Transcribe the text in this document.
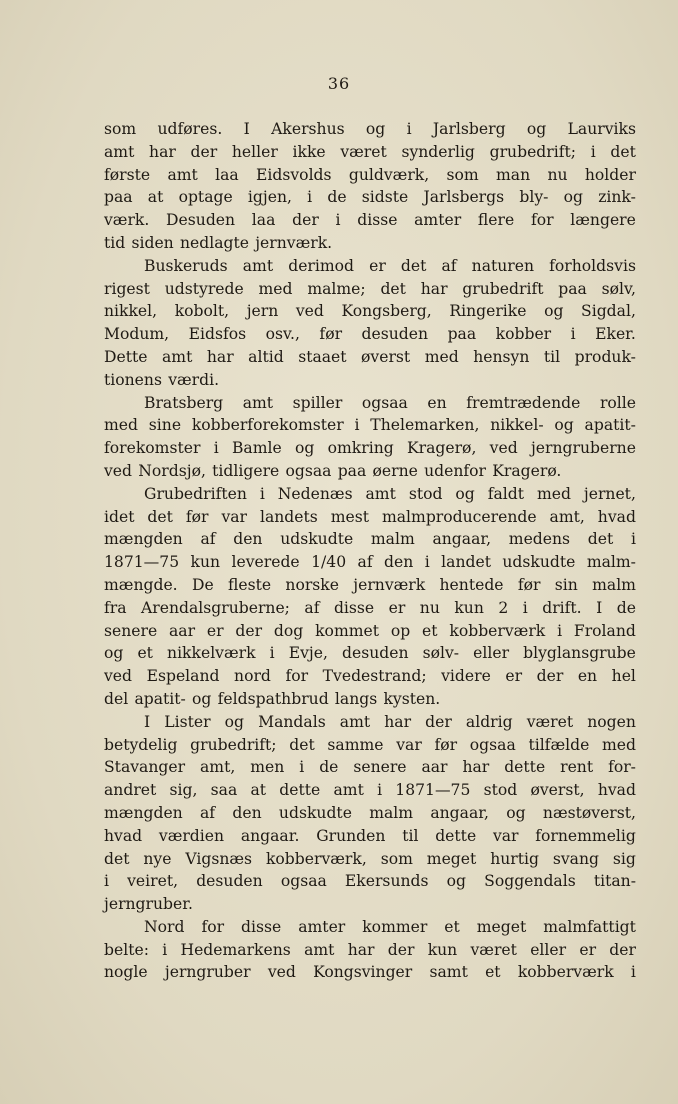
36
som udføres. I Akershus og i Jarlsberg og Laurviks
amt har der heller ikke været synderlig grubedrift; i det
første amt laa Eidsvolds guldværk, som man nu holder
paa at optage igjen, i de sidste Jarlsbergs bly- og zink-
værk. Desuden laa der i disse amter flere for længere
tid siden nedlagte jernværk.
Buskeruds amt derimod er det af naturen forholdsvis
rigest udstyrede med malme; det har grubedrift paa sølv,
nikkel, kobolt, jern ved Kongsberg, Ringerike og Sigdal,
Modum, Eidsfos osv., før desuden paa kobber i Eker.
Dette amt har altid staaet øverst med hensyn til produk-
tionens værdi.
Bratsberg amt spiller ogsaa en fremtrædende rolle
med sine kobberforekomster i Thelemarken, nikkel- og apatit-
forekomster i Bamle og omkring Kragerø, ved jerngruberne
ved Nordsjø, tidligere ogsaa paa øerne udenfor Kragerø.
Grubedriften i Nedenæs amt stod og faldt med jernet,
idet det før var landets mest malmproducerende amt, hvad
mængden af den udskudte malm angaar, medens det i
1871—75 kun leverede 1/40 af den i landet udskudte malm-
mængde. De fleste norske jernværk hentede før sin malm
fra Arendalsgruberne; af disse er nu kun 2 i drift. I de
senere aar er der dog kommet op et kobberværk i Froland
og et nikkelværk i Evje, desuden sølv- eller blyglansgrube
ved Espeland nord for Tvedestrand; videre er der en hel
del apatit- og feldspathbrud langs kysten.
I Lister og Mandals amt har der aldrig været nogen
betydelig grubedrift; det samme var før ogsaa tilfælde med
Stavanger amt, men i de senere aar har dette rent for-
andret sig, saa at dette amt i 1871—75 stod øverst, hvad
mængden af den udskudte malm angaar, og næstøverst,
hvad værdien angaar. Grunden til dette var fornemmelig
det nye Vigsnæs kobberværk, som meget hurtig svang sig
i veiret, desuden ogsaa Ekersunds og Soggendals titan-
jerngruber.
Nord for disse amter kommer et meget malmfattigt
belte: i Hedemarkens amt har der kun været eller er der
nogle jerngruber ved Kongsvinger samt et kobberværk i
